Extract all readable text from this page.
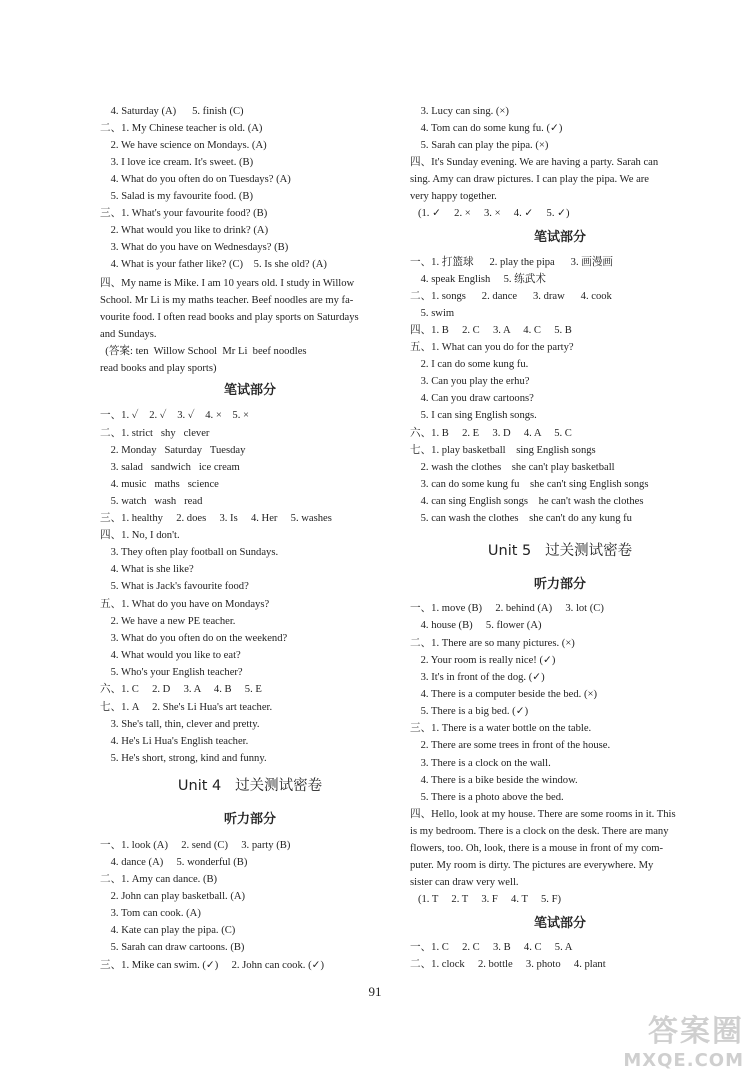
4. Saturday (A)      5. finish (C)
二、1. My Chinese teacher is old. (A)
2. We have science on Mondays. (A)
3. I love ice cream. It's sweet. (B)
4. What do you often do on Tuesdays? (A)
5. Salad is my favourite food. (B)
三、1. What's your favourite food? (B)
2. What would you like to drink? (A)
3. What do you have on Wednesdays? (B)
4. What is your father like? (C)    5. Is she old? (A)
四、My name is Mike. I am 10 years old. I study in Willow
School. Mr Li is my maths teacher. Beef noodles are my fa-
vourite food. I often read books and play sports on Saturdays
and Sundays.
(答案: ten  Willow School  Mr Li  beef noodles
read books and play sports)
笔试部分
一、1. ✓    2. ✓    3. ✓    4. ×    5. ×
二、1. strict   shy   clever
2. Monday   Saturday   Tuesday
3. salad   sandwich   ice cream
4. music   maths   science
5. watch   wash   read
三、1. healthy     2. does     3. Is     4. Her     5. washes
四、1. No, I don't.
3. They often play football on Sundays.
4. What is she like?
5. What is Jack's favourite food?
五、1. What do you have on Mondays?
2. We have a new PE teacher.
3. What do you often do on the weekend?
4. What would you like to eat?
5. Who's your English teacher?
六、1. C     2. D     3. A     4. B     5. E
七、1. A     2. She's Li Hua's art teacher.
3. She's tall, thin, clever and pretty.
4. He's Li Hua's English teacher.
5. He's short, strong, kind and funny.
Unit 4   过关测试密卷
听力部分
一、1. look (A)     2. send (C)     3. party (B)
4. dance (A)     5. wonderful (B)
二、1. Amy can dance. (B)
2. John can play basketball. (A)
3. Tom can cook. (A)
4. Kate can play the pipa. (C)
5. Sarah can draw cartoons. (B)
三、1. Mike can swim. (✓)     2. John can cook. (✓)
3. Lucy can sing. (×)
4. Tom can do some kung fu. (✓)
5. Sarah can play the pipa. (×)
四、It's Sunday evening. We are having a party. Sarah can
sing. Amy can draw pictures. I can play the pipa. We are
very happy together.
(1. ✓     2. ×     3. ×     4. ✓     5. ✓)
笔试部分
一、1. 打篮球      2. play the pipa      3. 画漫画
4. speak English     5. 练武术
二、1. songs      2. dance      3. draw      4. cook
5. swim
四、1. B     2. C     3. A     4. C     5. B
五、1. What can you do for the party?
2. I can do some kung fu.
3. Can you play the erhu?
4. Can you draw cartoons?
5. I can sing English songs.
六、1. B     2. E     3. D     4. A     5. C
七、1. play basketball    sing English songs
2. wash the clothes    she can't play basketball
3. can do some kung fu    she can't sing English songs
4. can sing English songs    he can't wash the clothes
5. can wash the clothes    she can't do any kung fu
Unit 5   过关测试密卷
听力部分
一、1. move (B)     2. behind (A)     3. lot (C)
4. house (B)     5. flower (A)
二、1. There are so many pictures. (×)
2. Your room is really nice! (✓)
3. It's in front of the dog. (✓)
4. There is a computer beside the bed. (×)
5. There is a big bed. (✓)
三、1. There is a water bottle on the table.
2. There are some trees in front of the house.
3. There is a clock on the wall.
4. There is a bike beside the window.
5. There is a photo above the bed.
四、Hello, look at my house. There are some rooms in it. This
is my bedroom. There is a clock on the desk. There are many
flowers, too. Oh, look, there is a mouse in front of my com-
puter. My room is dirty. The pictures are everywhere. My
sister can draw very well.
(1. T     2. T     3. F     4. T     5. F)
笔试部分
一、1. C     2. C     3. B     4. C     5. A
二、1. clock     2. bottle     3. photo     4. plant
91
答案圈
MXQE.COM
